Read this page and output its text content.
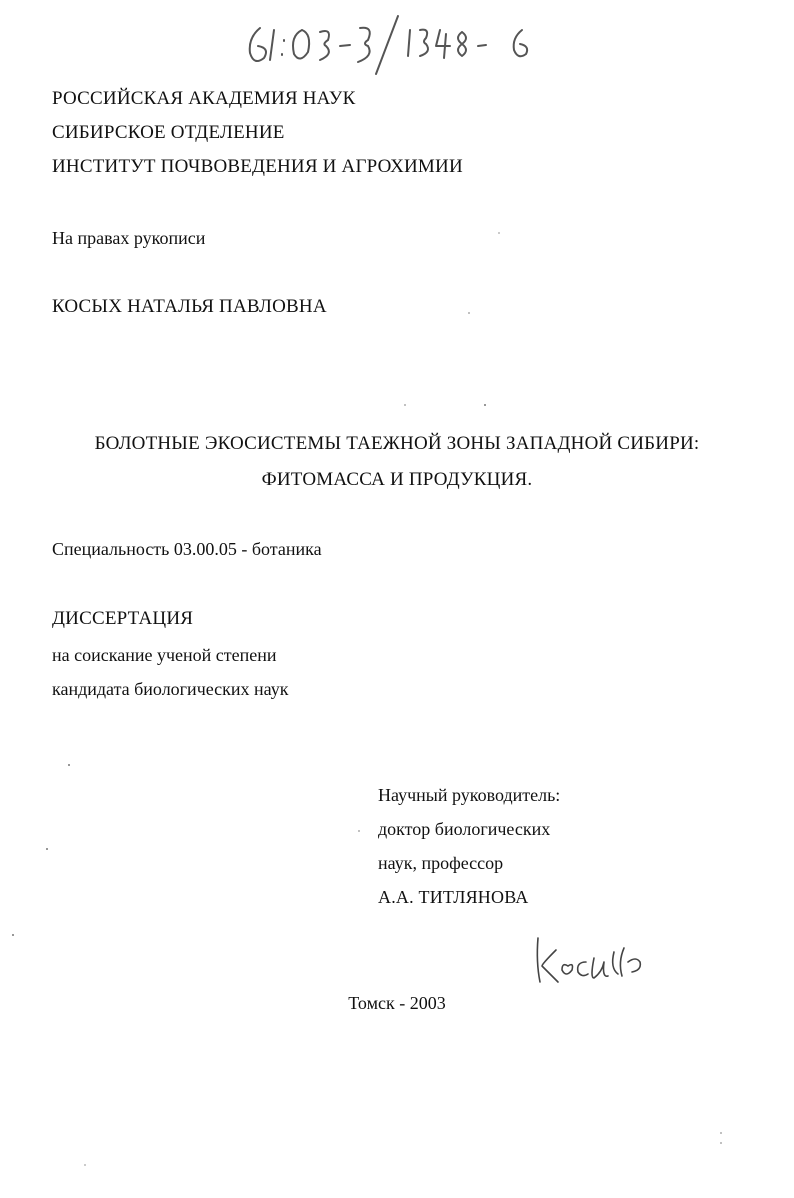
РОССИЙСКАЯ АКАДЕМИЯ НАУК

СИБИРСКОЕ ОТДЕЛЕНИЕ

ИНСТИТУТ ПОЧВОВЕДЕНИЯ И АГРОХИМИИ

На правах рукописи

КОСЫХ НАТАЛЬЯ ПАВЛОВНА

БОЛОТНЫЕ ЭКОСИСТЕМЫ ТАЕЖНОЙ ЗОНЫ ЗАПАДНОЙ СИБИРИ:

ФИТОМАССА И ПРОДУКЦИЯ.

Специальность 03.00.05 - ботаника

ДИССЕРТАЦИЯ

на соискание ученой степени

кандидата биологических наук

Научный руководитель:

доктор биологических

наук, профессор

А.А. ТИТЛЯНОВА

Томск - 2003
